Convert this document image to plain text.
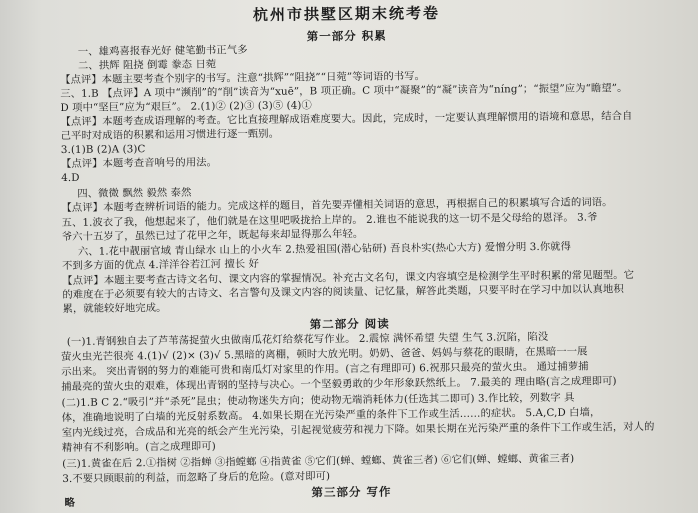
杭州市拱墅区期末统考卷
第一部分 积累
一、雄鸡喜报春光好 健笔勤书正气多
二、拱辉 阻挠 倒霉 豢态 日菀
【点评】本题主要考查个别字的书写。注意“拱辉”“阻挠”“日菀”等词语的书写。
三、1.B 【点评】A 项中“濒削”的“削”读音为“xuē”，B 项正确。C 项中“凝聚”的“凝”读音为“níng”；“振望”应为“瞻望”。
D 项中“坚巨”应为“艰巨”。 2.(1)② (2)③ (3)⑤ (4)①
【点评】本题考查成语理解的考查。它比直接理解成语难度要大。因此，完成时，一定要认真理解惯用的语境和意思，结合自
己平时对成语的积累和运用习惯进行逐一甄别。
3.(1)B (2)A (3)C
【点评】本题考查音响号的用法。
4.D
四、微微 飘然 毅然 泰然
【点评】本题考查辨析词语的能力。完成这样的题目，首先要弄懂相关词语的意思，再根据自己的积累填写合适的词语。
五、1.波衣了我，他想起来了，他们就是在这里吧吸拢拾上岸的。 2.谁也不能说我的这一切不是父母给的恩泽。 3.爷
爷六十五岁了，虽然已过了花甲之年，既起每来却显得那么年轻。
六、1.花中靓丽官域 青山绿水 山上的小火车 2.热爱祖国(潜心钻研) 吾良朴实(热心大方) 爱憎分明 3.你就得
不到多方面的优点 4.洋洋谷若江河 擅长 好
【点评】本题主要考查古诗文名句、课文内容的掌握情况。补充古文名句，课文内容填空是检测学生平时积累的常见题型。它
的难度在于必须要有较大的古诗文、名言警句及课文内容的阅读量、记忆量，解答此类题，只要平时在学习中加以认真地积
累，就能较好地完成。
第二部分 阅读
(一)1.青钢独自去了芦苇荡捉萤火虫做南瓜花灯给蔡花写作业。 2.震惊 满怀希望 失望 生气 3.沉陷，陷没
萤火虫光芒很亮 4.(1)√ (2)× (3)√ 5.黑暗的离棚，顿时大放光明。奶奶、爸爸、妈妈与蔡花的眼睛，在黑暗一一展
示出来。 突出青钢的努力的难能可贵和南瓜灯对家里的作用。(言之有理即可) 6.祝那只最亮的萤火虫。 通过捕萝捕
捕最亮的萤火虫的艰难，体现出青钢的坚持与决心。一个坚毅勇敢的少年形象跃然纸上。 7.最美的 理由略(言之成理即可)
(二)1.B C 2.“吸引”并“杀死”昆虫；使动物迷失方向；使动物无端消耗体力(任选其二即可) 3.作比较，列数字 具
体，准确地说明了白墙的光反射系数高。 4.如果长期在光污染严重的条件下工作或生活……的症状。 5.A,C,D 白墙，
室内光线过亮，合成品和光亮的纸会产生光污染，引起视觉疲劳和视力下降。如果长期在光污染严重的条件下工作或生活，对人的
精神有不利影响。(言之成理即可)
(三)1.黄雀在后 2.①指树 ②指蝉 ③指螳螂 ④指黄雀 ⑤它们(蝉、螳螂、黄雀三者) ⑥它们(蝉、螳螂、黄雀三者)
3.不要只顾眼前的利益，而忽略了身后的危险。(意对即可)
第三部分 写作
略
